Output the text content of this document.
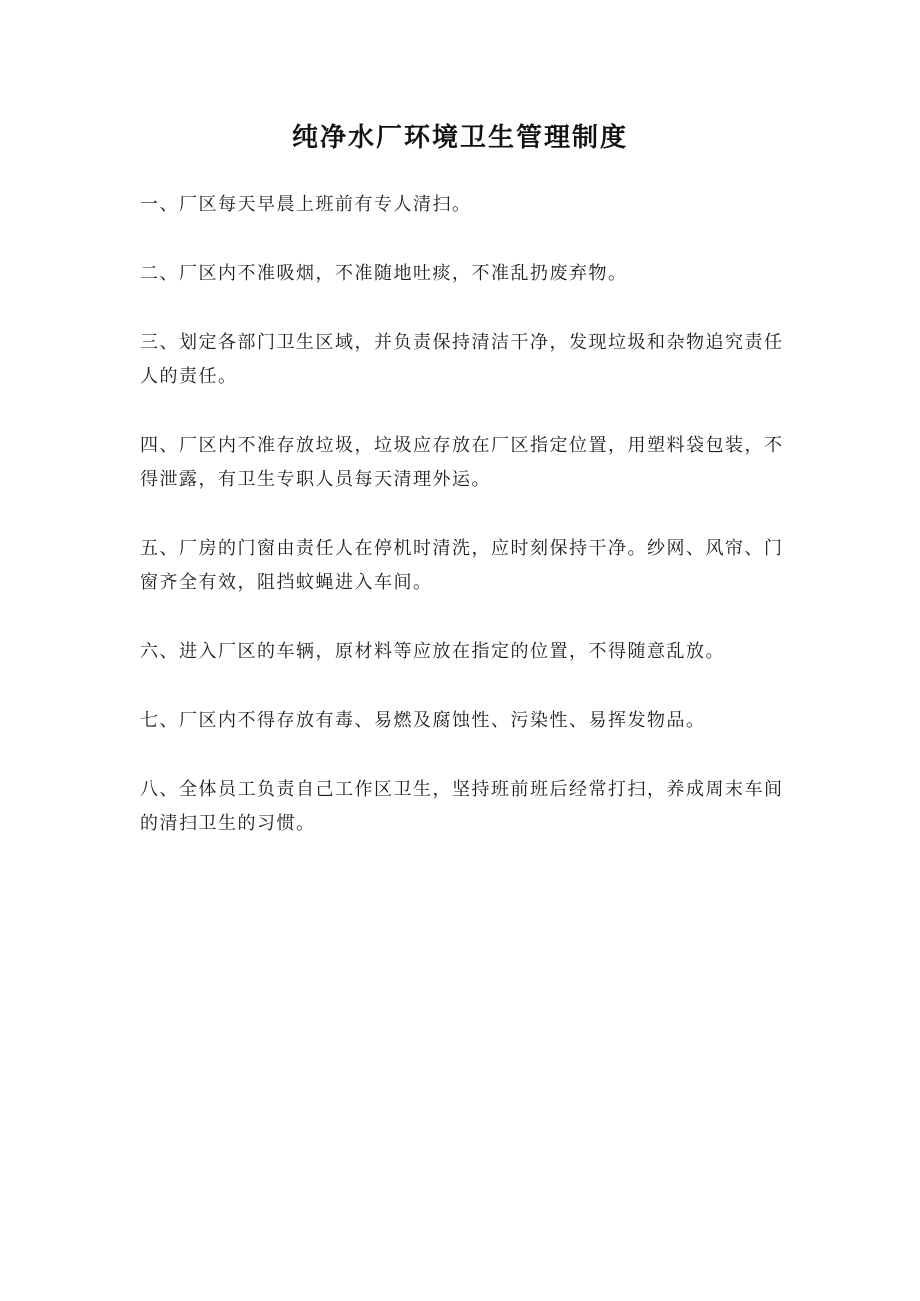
纯净水厂环境卫生管理制度

一、厂区每天早晨上班前有专人清扫。

二、厂区内不准吸烟，不准随地吐痰，不准乱扔废弃物。

三、划定各部门卫生区域，并负责保持清洁干净，发现垃圾和杂物追究责任人的责任。

四、厂区内不准存放垃圾，垃圾应存放在厂区指定位置，用塑料袋包装，不得泄露，有卫生专职人员每天清理外运。

五、厂房的门窗由责任人在停机时清洗，应时刻保持干净。纱网、风帘、门窗齐全有效，阻挡蚊蝇进入车间。

六、进入厂区的车辆，原材料等应放在指定的位置，不得随意乱放。

七、厂区内不得存放有毒、易燃及腐蚀性、污染性、易挥发物品。

八、全体员工负责自己工作区卫生，坚持班前班后经常打扫，养成周末车间的清扫卫生的习惯。
